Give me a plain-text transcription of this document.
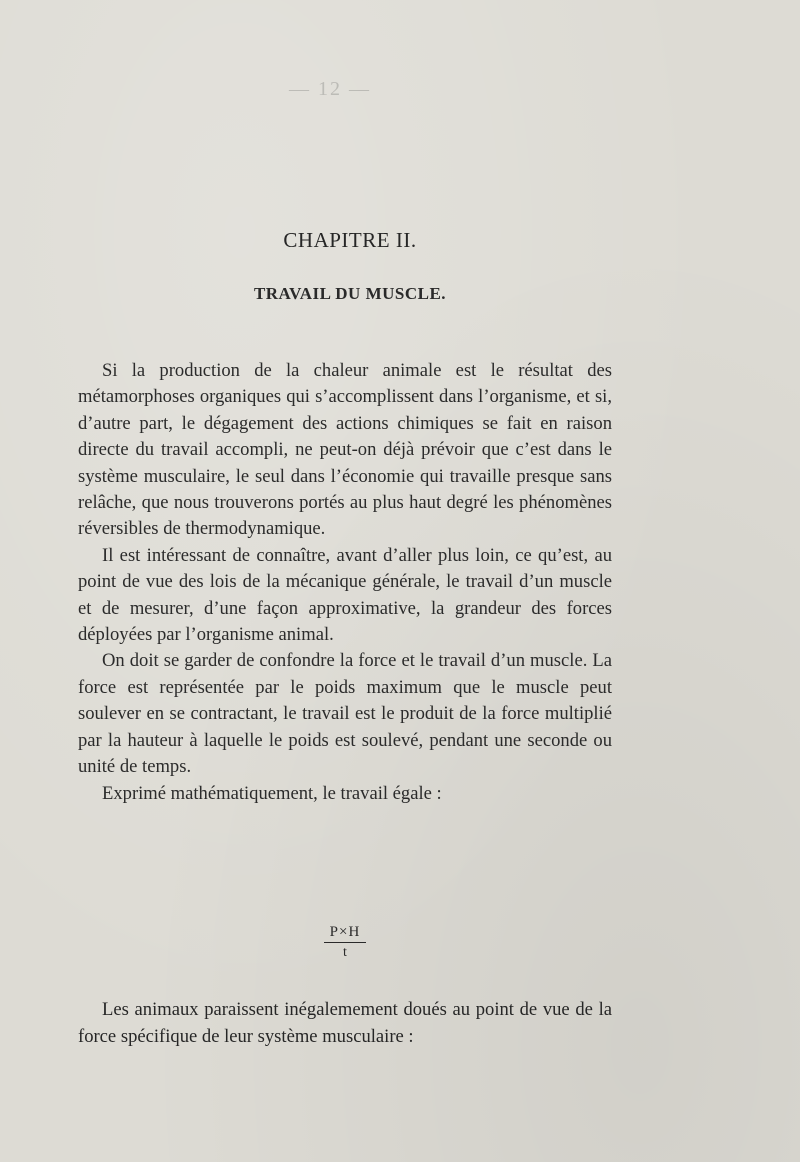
— 12 —
CHAPITRE II.
TRAVAIL DU MUSCLE.

Si la production de la chaleur animale est le résultat des métamorphoses organiques qui s’accomplissent dans l’organisme, et si, d’autre part, le dégagement des actions chimiques se fait en raison directe du travail accompli, ne peut-on déjà prévoir que c’est dans le système musculaire, le seul dans l’économie qui travaille presque sans relâche, que nous trouverons portés au plus haut degré les phénomènes réversibles de thermodynamique.

Il est intéressant de connaître, avant d’aller plus loin, ce qu’est, au point de vue des lois de la mécanique générale, le travail d’un muscle et de mesurer, d’une façon approximative, la grandeur des forces déployées par l’organisme animal.

On doit se garder de confondre la force et le travail d’un muscle. La force est représentée par le poids maximum que le muscle peut soulever en se contractant, le travail est le produit de la force multiplié par la hauteur à laquelle le poids est soulevé, pendant une seconde ou unité de temps.

Exprimé mathématiquement, le travail égale :

$\frac{P\times H}{t}$

Les animaux paraissent inégalemement doués au point de vue de la force spécifique de leur système musculaire :
